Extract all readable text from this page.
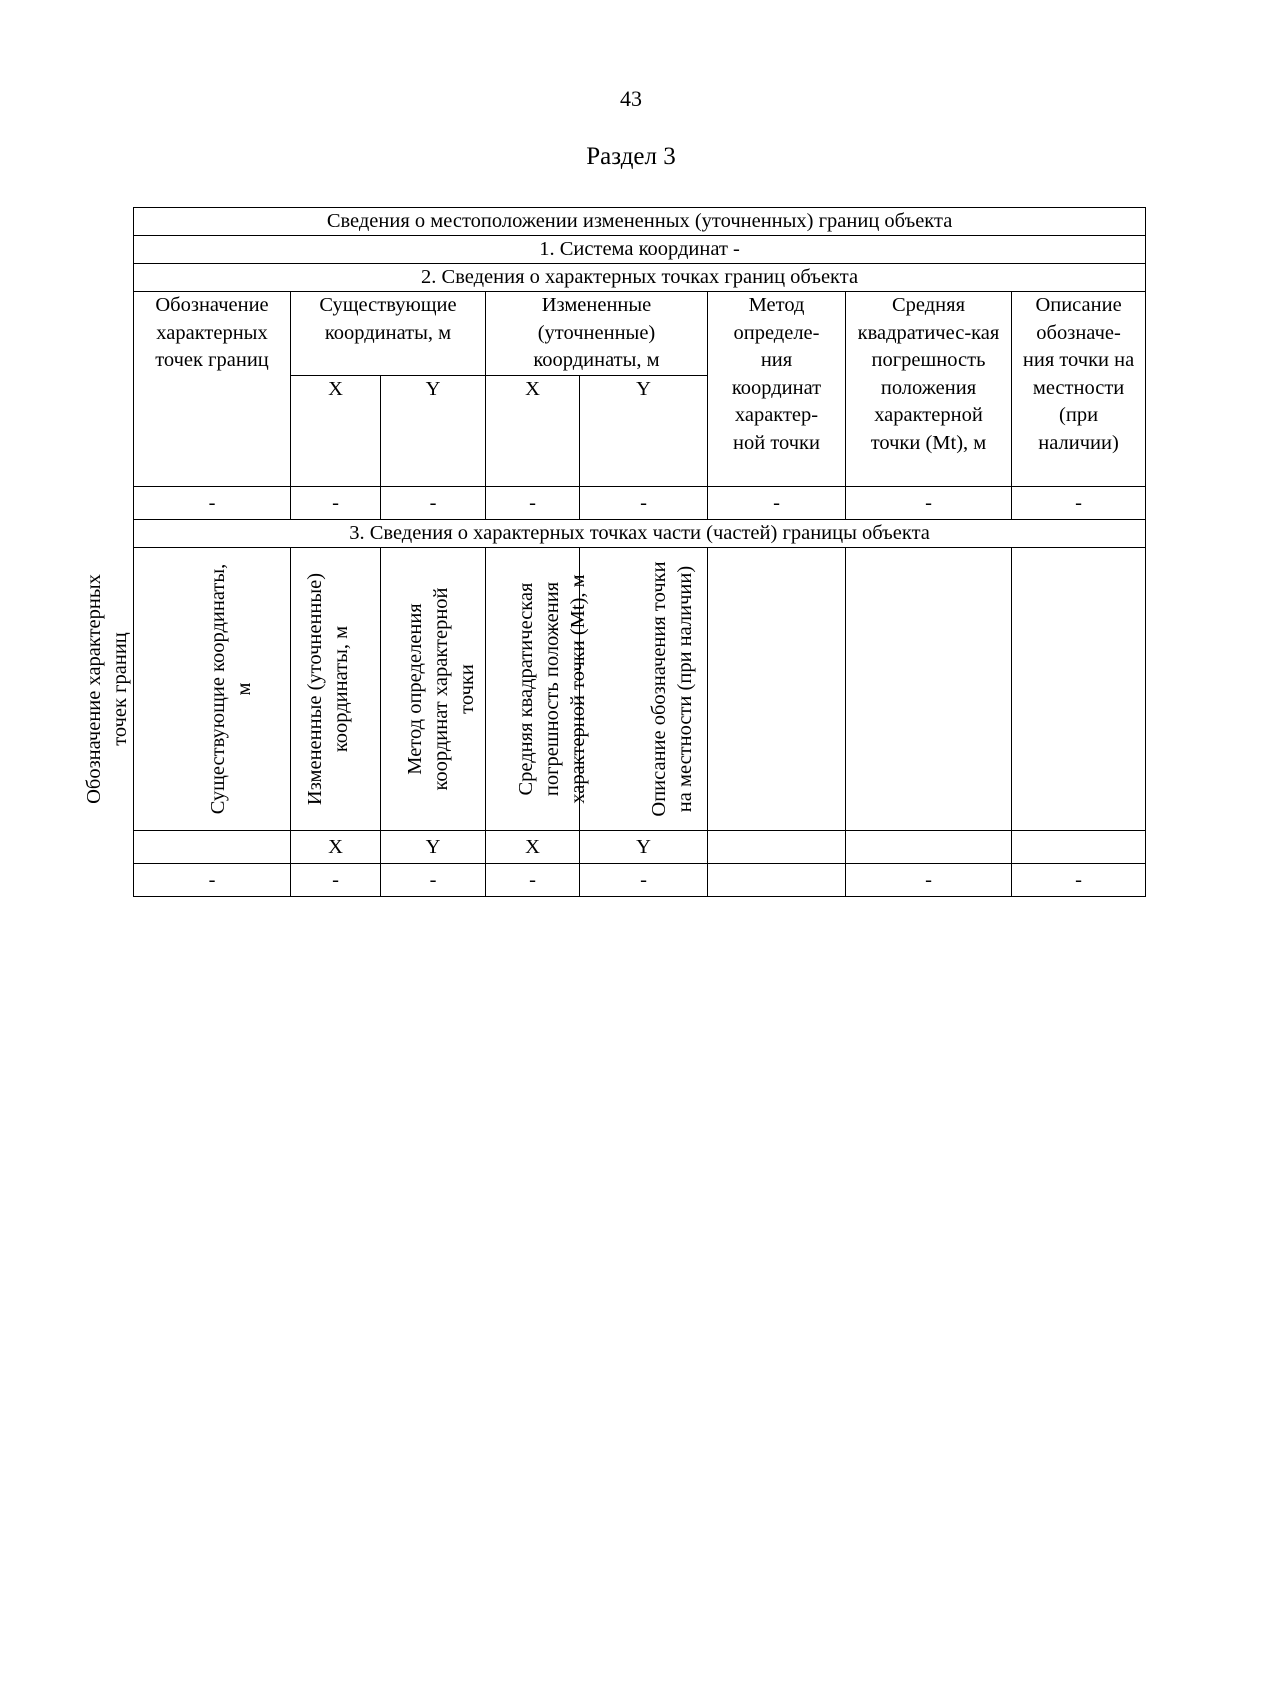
43
Раздел 3
Сведения о местоположении измененных (уточненных) границ объекта							
1. Система координат -							
2. Сведения о характерных точках границ объекта							

Обозначение характерных точек границ	Существующие координаты, м		Измененные (уточненные) координаты, м		Метод определе-ния координат характер-ной точки	Средняя квадратичес-кая погрешность положения характерной точки (Mt), м	Описание обозначе-ния точки на местности (при наличии)

	X	Y	X	Y			
-	-	-	-	-	-	-	-
3. Сведения о характерных точках части (частей) границы объекта							

Обозначение характерных точек границ	Существующие координаты, м	Измененные (уточненные) координаты, м	Метод определения координат характерной точки	Средняя квадратическая погрешность положения характерной точки (Mt), м	Описание обозначения точки на местности (при наличии)		

	X	Y	X	Y			
-	-	-	-	-		-	-
